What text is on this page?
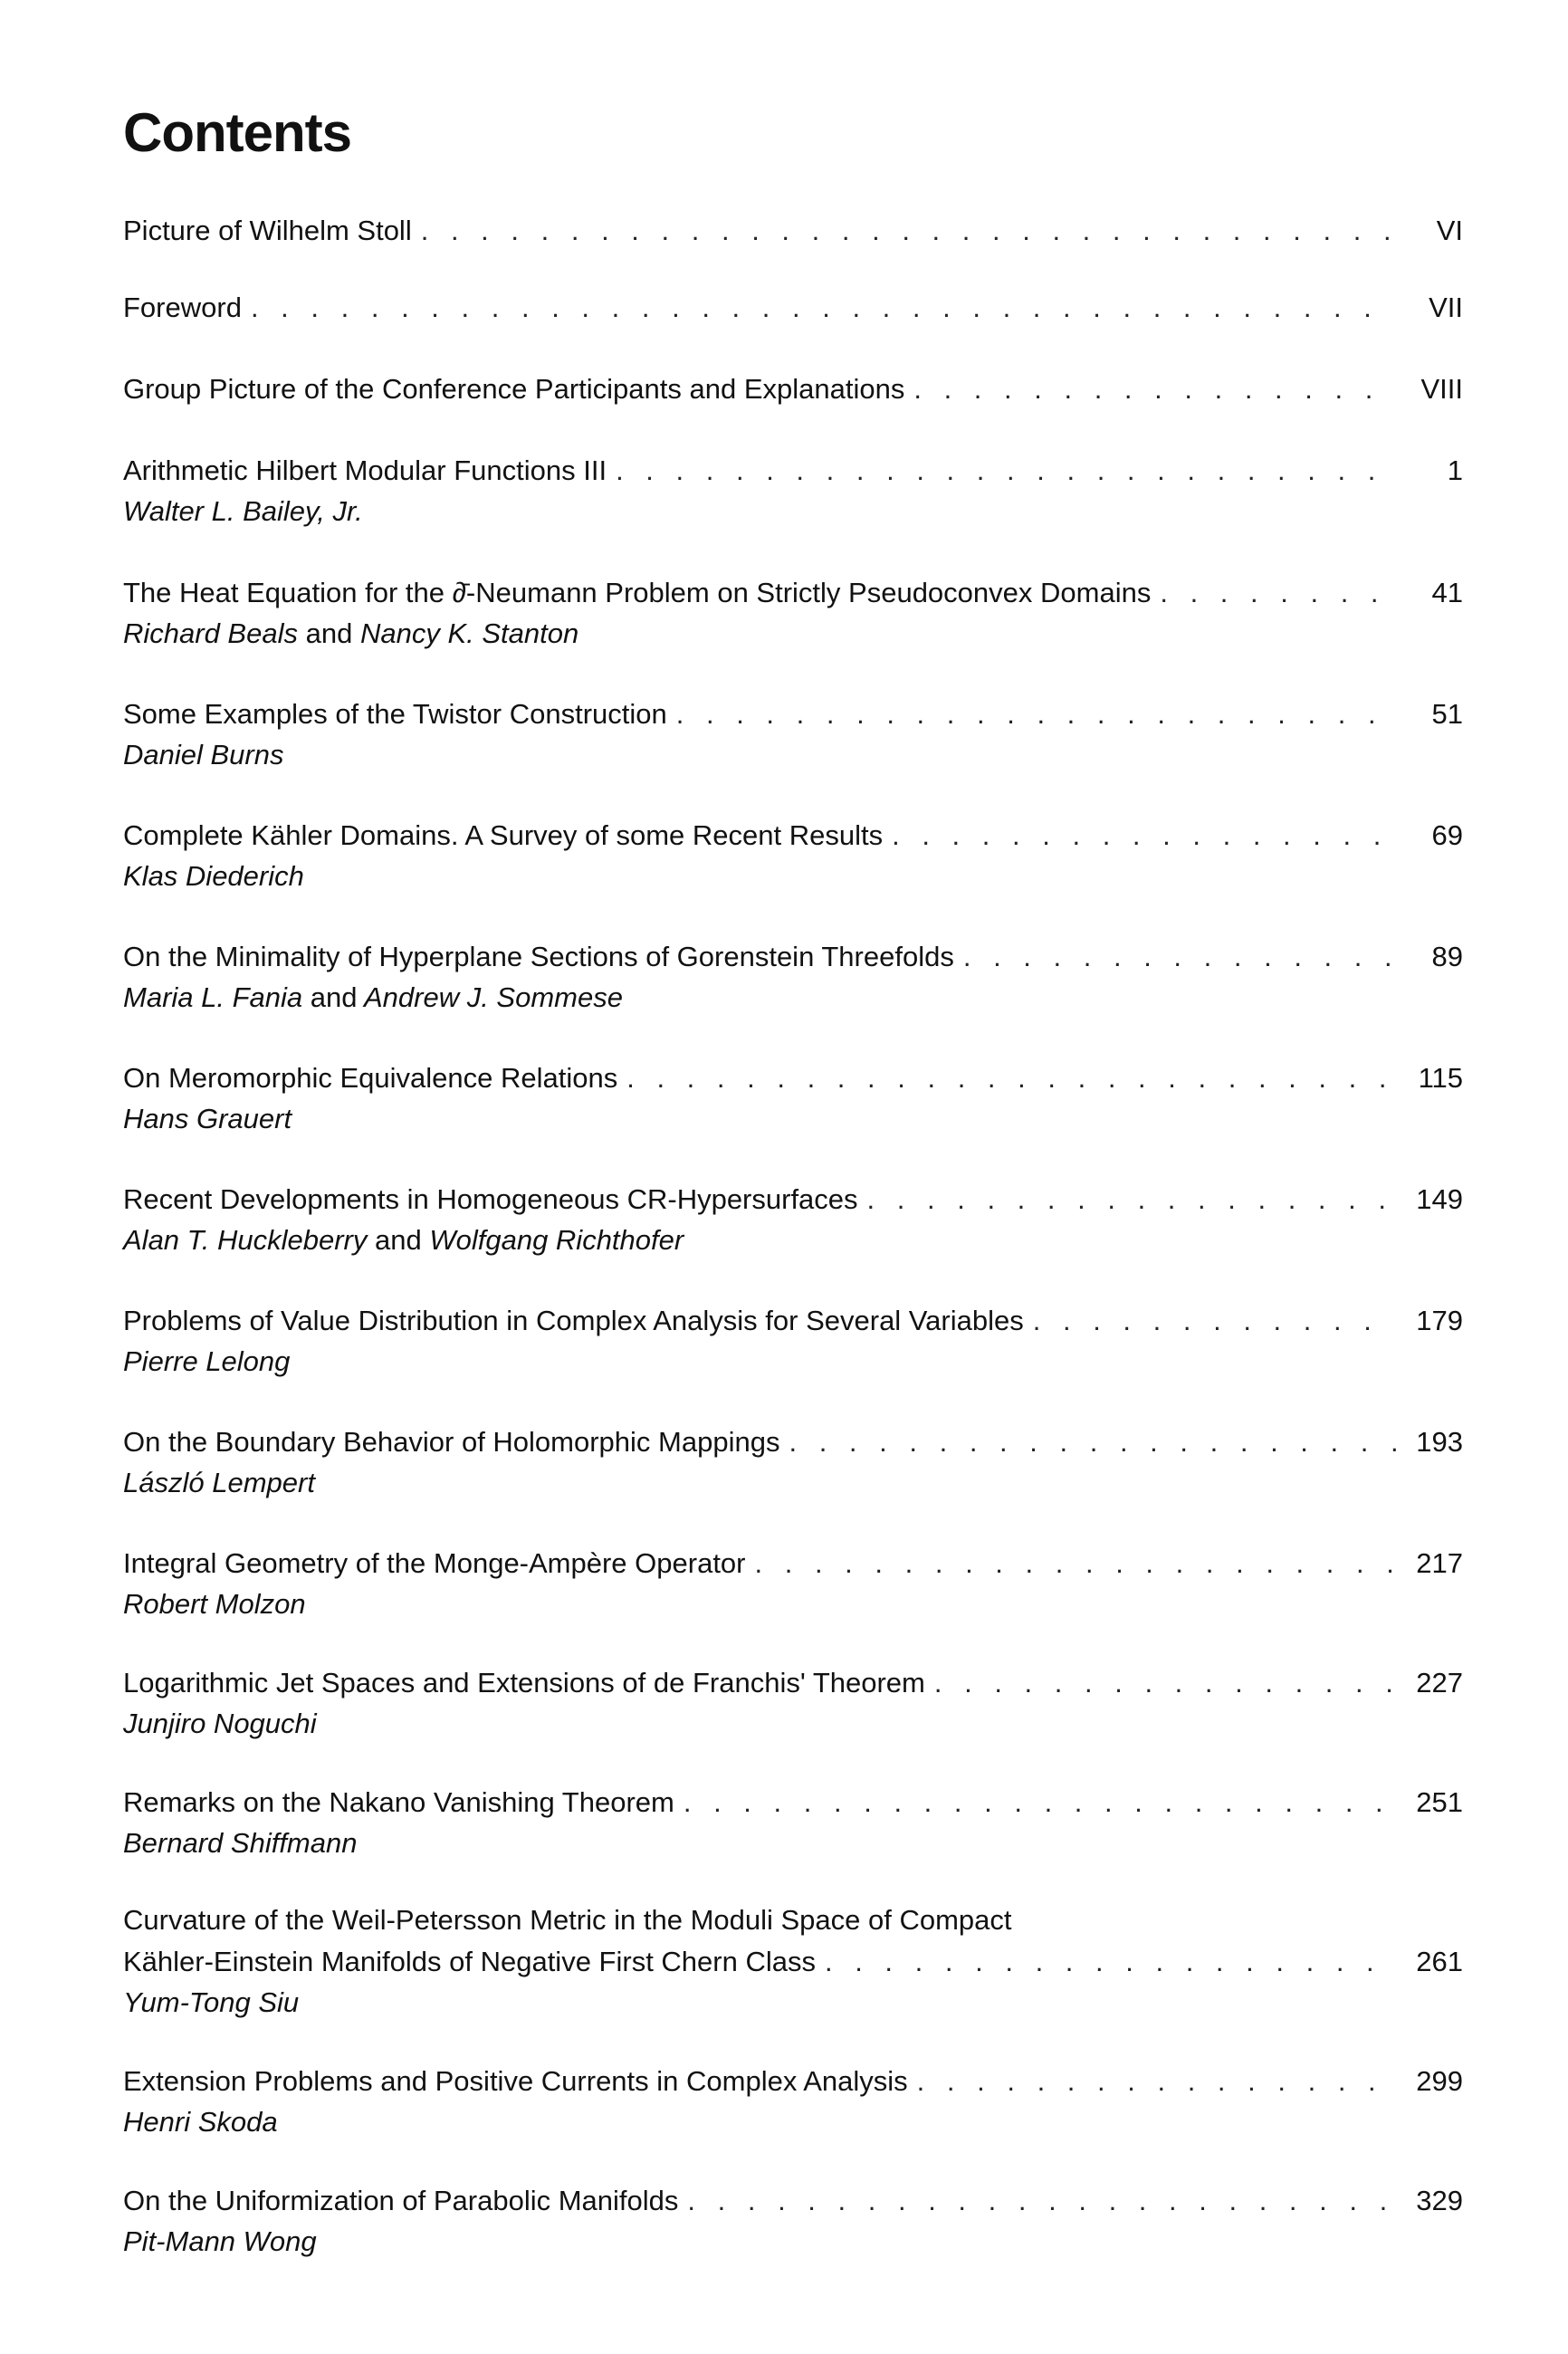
Contents
Picture of Wilhelm Stoll . . .	VI
Foreword . . .	VII
Group Picture of the Conference Participants and Explanations . . .	VIII
Arithmetic Hilbert Modular Functions III . . .	1
Walter L. Bailey, Jr.
The Heat Equation for the ∂̄-Neumann Problem on Strictly Pseudoconvex Domains . . .	41
Richard Beals and Nancy K. Stanton
Some Examples of the Twistor Construction . . .	51
Daniel Burns
Complete Kähler Domains. A Survey of some Recent Results . . .	69
Klas Diederich
On the Minimality of Hyperplane Sections of Gorenstein Threefolds . . .	89
Maria L. Fania and Andrew J. Sommese
On Meromorphic Equivalence Relations . . .	115
Hans Grauert
Recent Developments in Homogeneous CR-Hypersurfaces . . .	149
Alan T. Huckleberry and Wolfgang Richthofer
Problems of Value Distribution in Complex Analysis for Several Variables . . .	179
Pierre Lelong
On the Boundary Behavior of Holomorphic Mappings . . .	193
László Lempert
Integral Geometry of the Monge-Ampère Operator . . .	217
Robert Molzon
Logarithmic Jet Spaces and Extensions of de Franchis' Theorem . . .	227
Junjiro Noguchi
Remarks on the Nakano Vanishing Theorem . . .	251
Bernard Shiffmann
Curvature of the Weil-Petersson Metric in the Moduli Space of Compact
Kähler-Einstein Manifolds of Negative First Chern Class . . .	261
Yum-Tong Siu
Extension Problems and Positive Currents in Complex Analysis . . .	299
Henri Skoda
On the Uniformization of Parabolic Manifolds . . .	329
Pit-Mann Wong
